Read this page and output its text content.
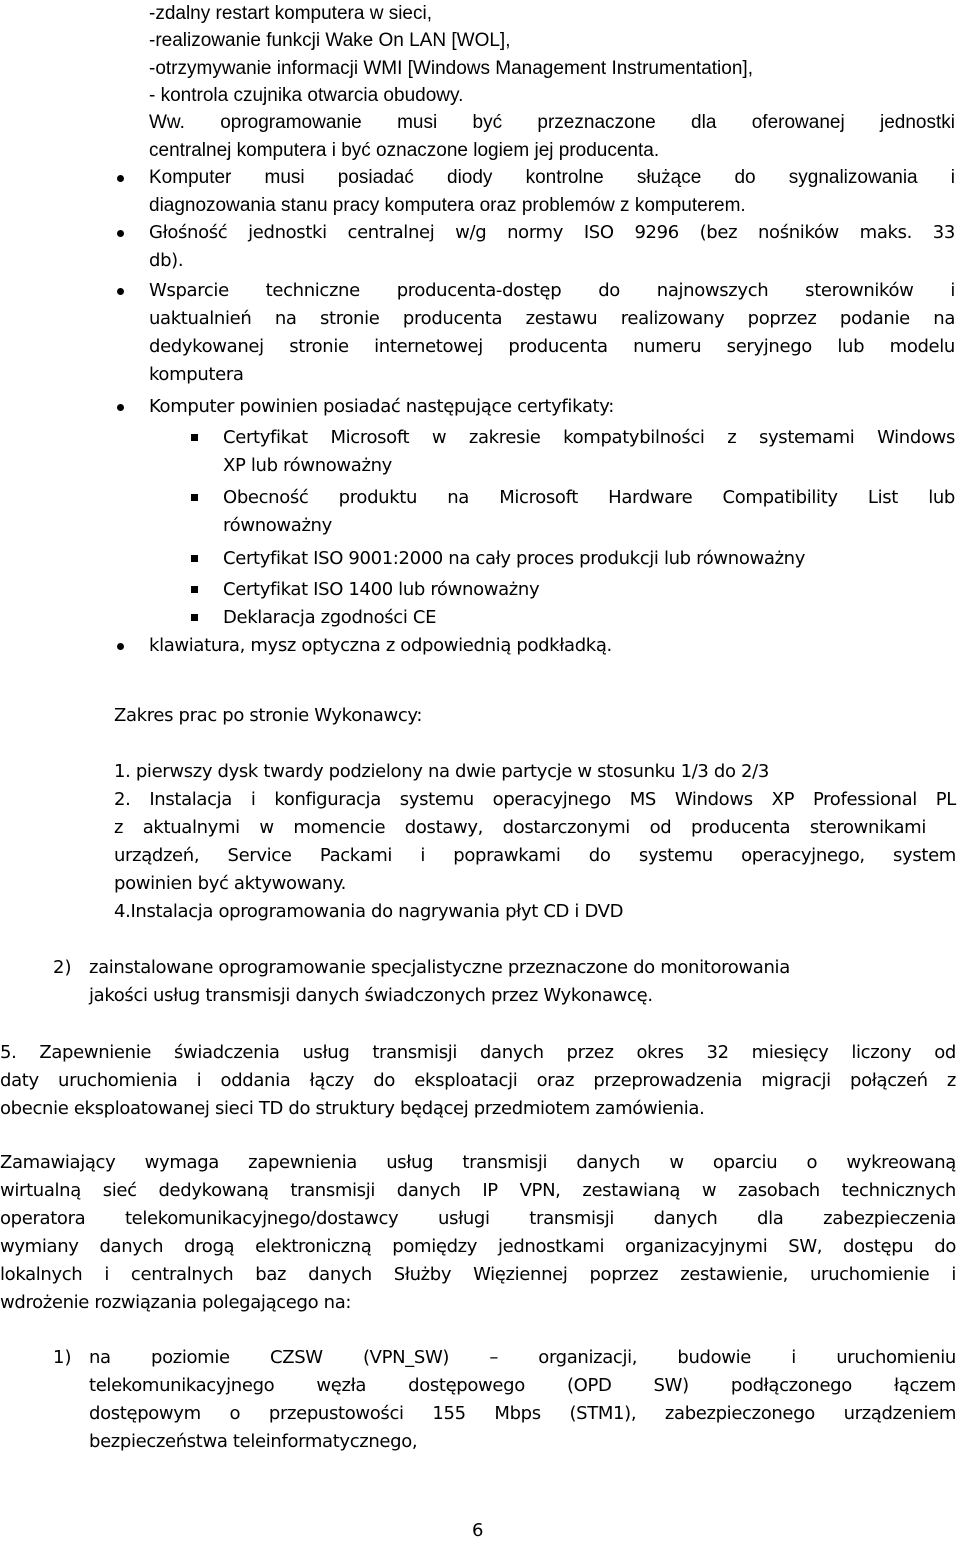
-zdalny restart komputera w sieci,
-realizowanie funkcji Wake On LAN [WOL],
-otrzymywanie informacji WMI [Windows Management Instrumentation],
- kontrola czujnika otwarcia obudowy.
Ww. oprogramowanie musi być przeznaczone dla oferowanej jednostki
centralnej komputera i być oznaczone logiem jej producenta.
Komputer musi posiadać diody kontrolne służące do sygnalizowania i
diagnozowania stanu pracy komputera oraz problemów z komputerem.
Głośność jednostki centralnej w/g normy ISO 9296 (bez nośników maks. 33
db).
Wsparcie techniczne producenta-dostęp do najnowszych sterowników i
uaktualnień na stronie producenta zestawu realizowany poprzez podanie na
dedykowanej stronie internetowej producenta numeru seryjnego lub modelu
komputera
Komputer powinien posiadać następujące certyfikaty:
Certyfikat Microsoft w zakresie kompatybilności z systemami Windows
XP lub równoważny
Obecność produktu na Microsoft Hardware Compatibility List lub
równoważny
Certyfikat ISO 9001:2000 na cały proces produkcji lub równoważny
Certyfikat ISO 1400 lub równoważny
Deklaracja zgodności CE
klawiatura, mysz optyczna z odpowiednią podkładką.
Zakres prac po stronie Wykonawcy:
1. pierwszy dysk twardy podzielony na dwie partycje w stosunku 1/3 do 2/3
2. Instalacja i konfiguracja systemu operacyjnego MS Windows XP Professional PL
z aktualnymi w momencie dostawy, dostarczonymi od producenta sterownikami
urządzeń, Service Packami i poprawkami do systemu operacyjnego, system
powinien być aktywowany.
4.Instalacja oprogramowania do nagrywania płyt CD i DVD
2) zainstalowane oprogramowanie specjalistyczne przeznaczone do monitorowania
jakości usług transmisji danych świadczonych przez Wykonawcę.
5. Zapewnienie świadczenia usług transmisji danych przez okres 32 miesięcy liczony od
daty uruchomienia i oddania łączy do eksploatacji oraz przeprowadzenia migracji połączeń z
obecnie eksploatowanej sieci TD do struktury będącej przedmiotem zamówienia.
Zamawiający wymaga zapewnienia usług transmisji danych w oparciu o wykreowaną
wirtualną sieć dedykowaną transmisji danych IP VPN, zestawianą w zasobach technicznych
operatora telekomunikacyjnego/dostawcy usługi transmisji danych dla zabezpieczenia
wymiany danych drogą elektroniczną pomiędzy jednostkami organizacyjnymi SW, dostępu do
lokalnych i centralnych baz danych Służby Więziennej poprzez zestawienie, uruchomienie i
wdrożenie rozwiązania polegającego na:
1) na poziomie CZSW (VPN_SW) – organizacji, budowie i uruchomieniu
telekomunikacyjnego węzła dostępowego (OPD SW) podłączonego łączem
dostępowym o przepustowości 155 Mbps (STM1), zabezpieczonego urządzeniem
bezpieczeństwa teleinformatycznego,
6
